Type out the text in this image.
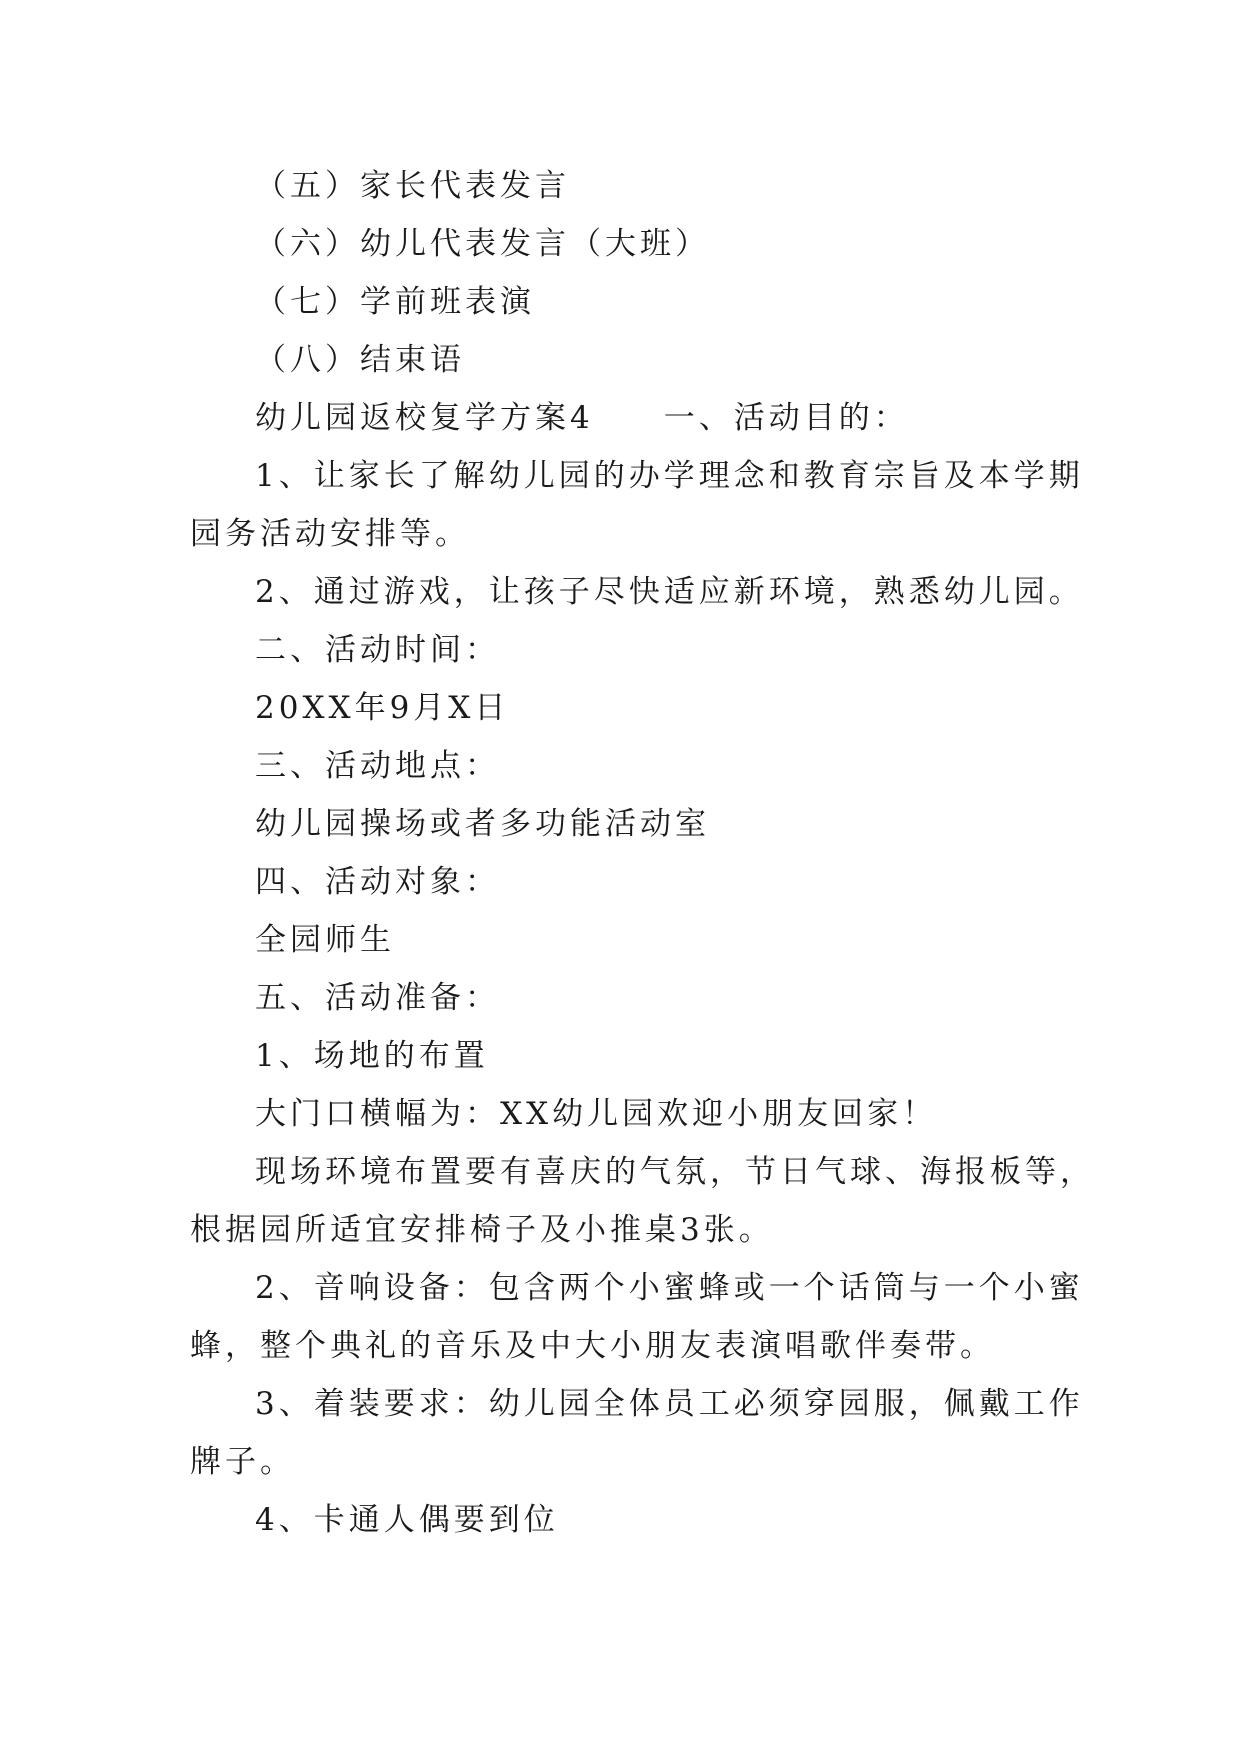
（五）家长代表发言
（六）幼儿代表发言（大班）
（七）学前班表演
（八）结束语
幼儿园返校复学方案4　　一、活动目的：
1、让家长了解幼儿园的办学理念和教育宗旨及本学期
园务活动安排等。
2、通过游戏，让孩子尽快适应新环境，熟悉幼儿园。
二、活动时间：
20XX年9月X日
三、活动地点：
幼儿园操场或者多功能活动室
四、活动对象：
全园师生
五、活动准备：
1、场地的布置
大门口横幅为：XX幼儿园欢迎小朋友回家！
现场环境布置要有喜庆的气氛，节日气球、海报板等，
根据园所适宜安排椅子及小推桌3张。
2、音响设备：包含两个小蜜蜂或一个话筒与一个小蜜
蜂，整个典礼的音乐及中大小朋友表演唱歌伴奏带。
3、着装要求：幼儿园全体员工必须穿园服，佩戴工作
牌子。
4、卡通人偶要到位
